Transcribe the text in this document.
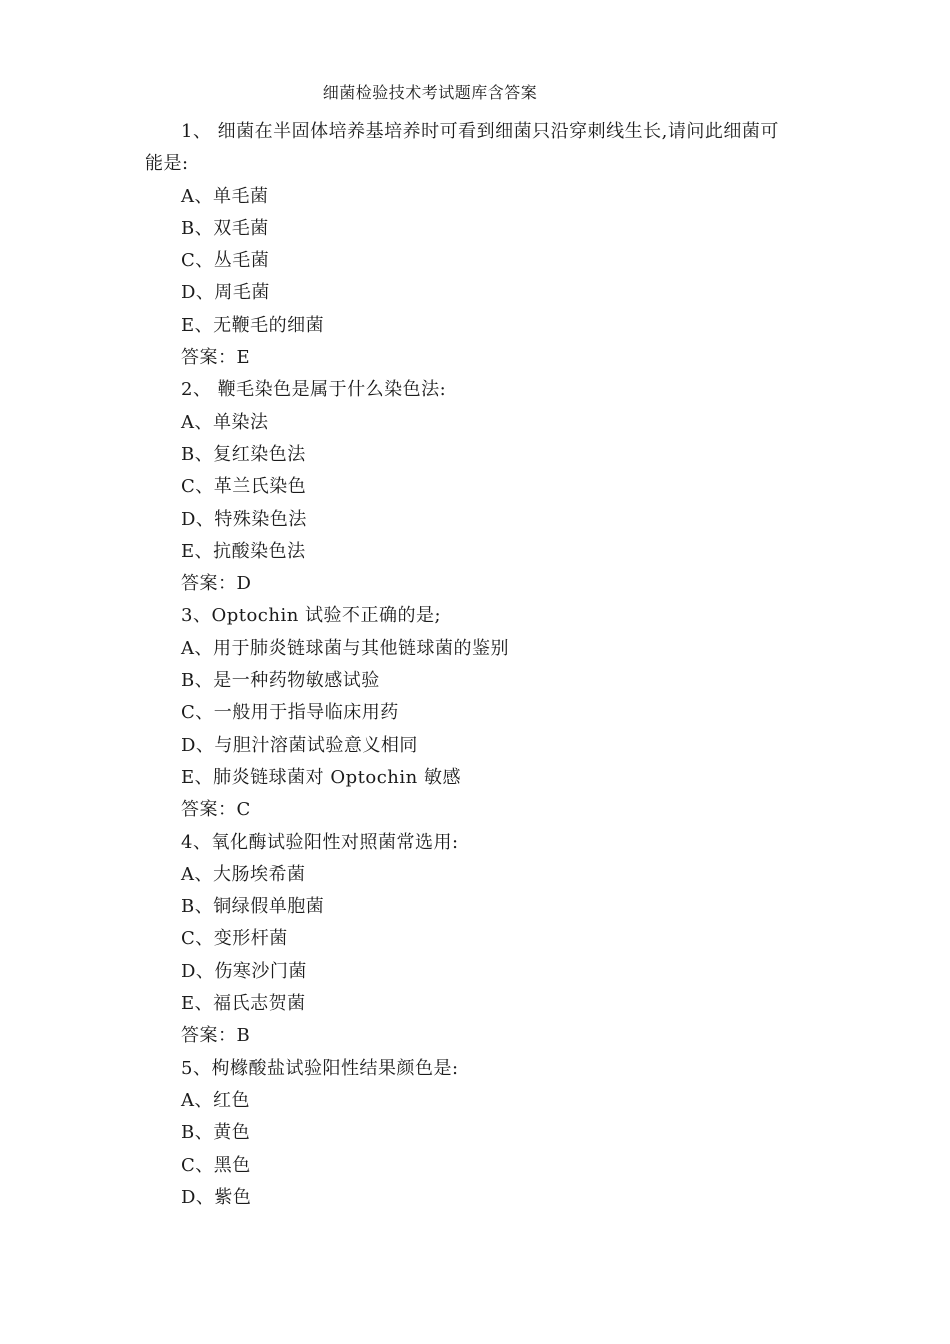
细菌检验技术考试题库含答案

1、 细菌在半固体培养基培养时可看到细菌只沿穿刺线生长,请问此细菌可

能是:

A、单毛菌

B、双毛菌

C、丛毛菌

D、周毛菌

E、无鞭毛的细菌

答案：E

2、 鞭毛染色是属于什么染色法:

A、单染法

B、复红染色法

C、革兰氏染色

D、特殊染色法

E、抗酸染色法

答案：D

3、Optochin 试验不正确的是;

A、用于肺炎链球菌与其他链球菌的鉴别

B、是一种药物敏感试验

C、一般用于指导临床用药

D、与胆汁溶菌试验意义相同

E、肺炎链球菌对 Optochin 敏感

答案：C

4、氧化酶试验阳性对照菌常选用:

A、大肠埃希菌

B、铜绿假单胞菌

C、变形杆菌

D、伤寒沙门菌

E、福氏志贺菌

答案：B

5、枸橼酸盐试验阳性结果颜色是:

A、红色

B、黄色

C、黑色

D、紫色
